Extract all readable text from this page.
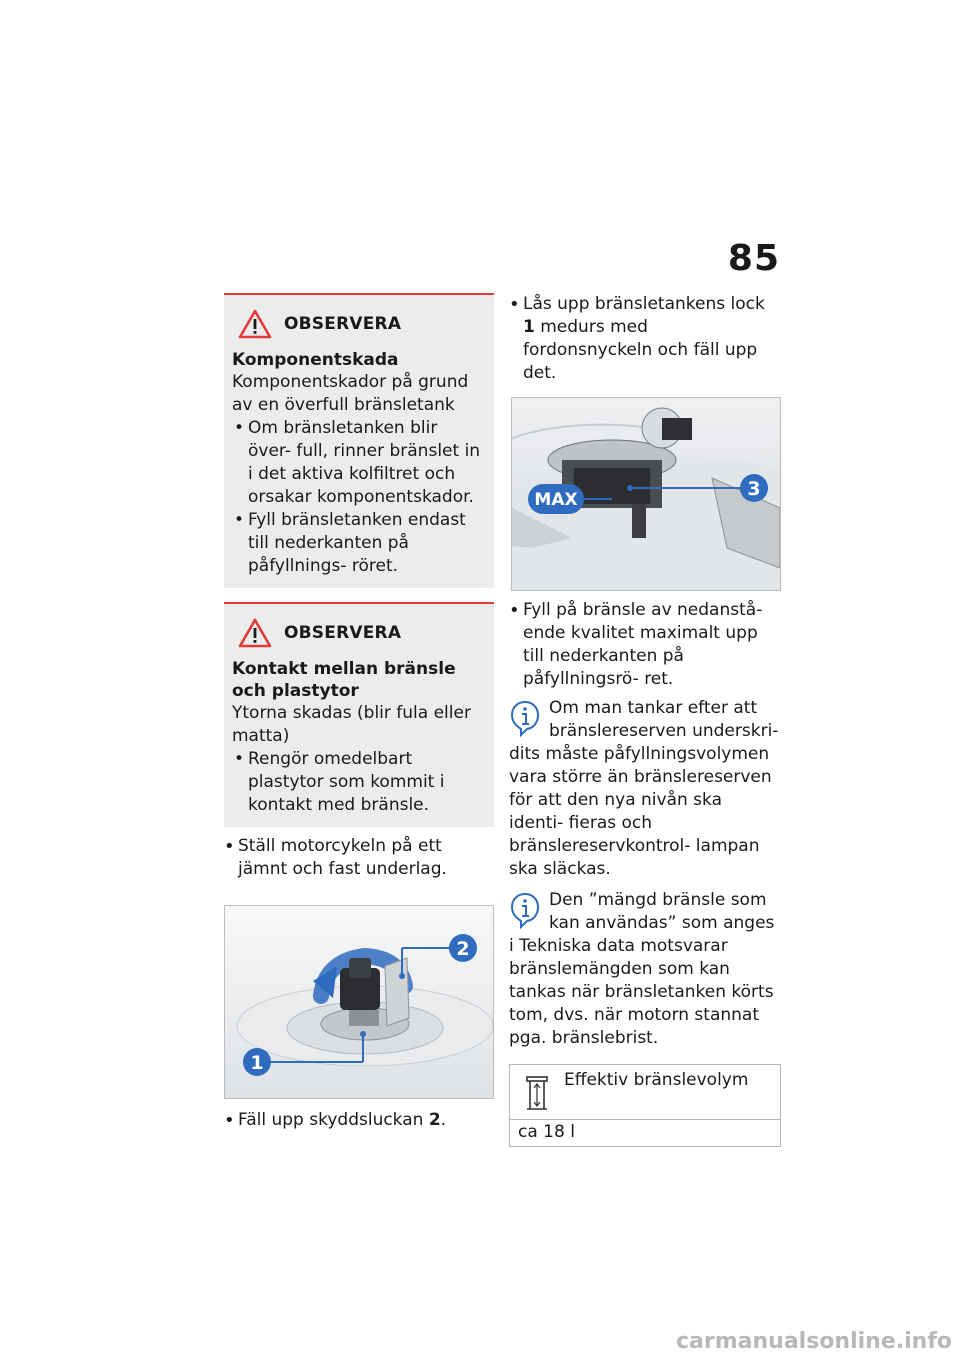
85
OBSERVERA
Komponentskada
Komponentskador på grund av en överfull bränsletank
• Om bränsletanken blir över- full, rinner bränslet in i det aktiva kolfiltret och orsakar komponentskador.
• Fyll bränsletanken endast till nederkanten på påfyllnings- röret.
OBSERVERA
Kontakt mellan bränsle och plastytor
Ytorna skadas (blir fula eller matta)
• Rengör omedelbart plastytor som kommit i kontakt med bränsle.
• Ställ motorcykeln på ett jämnt och fast underlag.
2
1
• Fäll upp skyddsluckan 2.
• Lås upp bränsletankens lock 1 medurs med fordonsnyckeln och fäll upp det.
MAX	3
• Fyll på bränsle av nedanstå- ende kvalitet maximalt upp till nederkanten på påfyllningsrö- ret.
Om man tankar efter att bränslereserven underskri- dits måste påfyllningsvolymen vara större än bränslereserven för att den nya nivån ska identi- fieras och bränslereservkontrol- lampan ska släckas.
Den ”mängd bränsle som kan användas” som anges i Tekniska data motsvarar bränslemängden som kan tankas när bränsletanken körts tom, dvs. när motorn stannat pga. bränslebrist.
Effektiv bränslevolym
ca 18 l
carmanualsonline.info
